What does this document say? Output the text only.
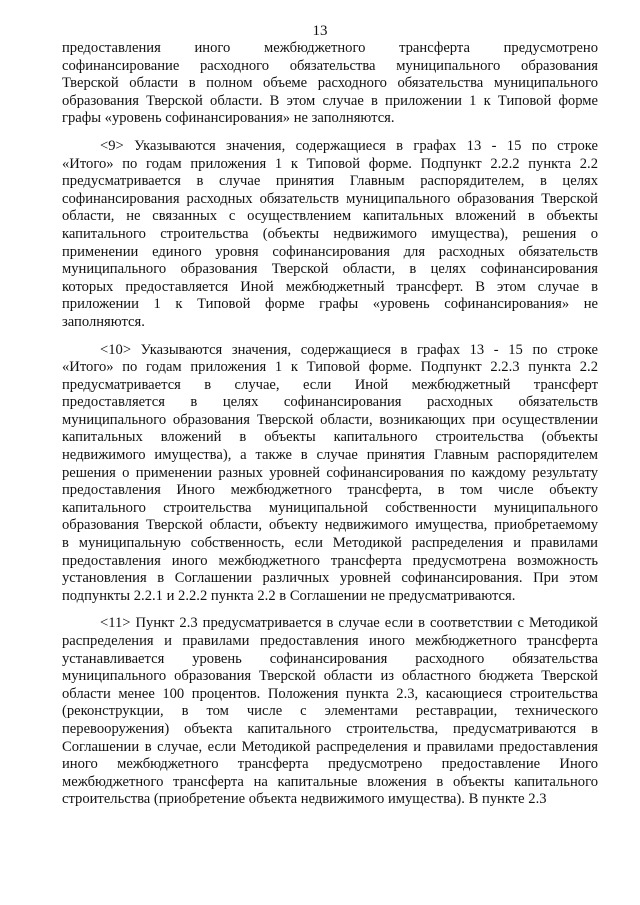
13
предоставления иного межбюджетного трансферта предусмотрено
софинансирование расходного обязательства муниципального образования
Тверской области в полном объеме расходного обязательства муниципального
образования Тверской области. В этом случае в приложении 1 к Типовой форме
графы «уровень софинансирования» не заполняются.
<9> Указываются значения, содержащиеся в графах 13 - 15 по строке
«Итого» по годам приложения 1 к Типовой форме. Подпункт 2.2.2 пункта 2.2
предусматривается в случае принятия Главным распорядителем, в целях
софинансирования расходных обязательств муниципального образования Тверской
области, не связанных с осуществлением капитальных вложений в объекты
капитального строительства (объекты недвижимого имущества), решения о
применении единого уровня софинансирования для расходных обязательств
муниципального образования Тверской области, в целях софинансирования
которых предоставляется Иной межбюджетный трансферт. В этом случае в
приложении 1 к Типовой форме графы «уровень софинансирования» не
заполняются.
<10> Указываются значения, содержащиеся в графах 13 - 15 по строке
«Итого» по годам приложения 1 к Типовой форме. Подпункт 2.2.3 пункта 2.2
предусматривается в случае, если Иной межбюджетный трансферт
предоставляется в целях софинансирования расходных обязательств
муниципального образования Тверской области, возникающих при осуществлении
капитальных вложений в объекты капитального строительства (объекты
недвижимого имущества), а также в случае принятия Главным распорядителем
решения о применении разных уровней софинансирования по каждому результату
предоставления Иного межбюджетного трансферта, в том числе объекту
капитального строительства муниципальной собственности муниципального
образования Тверской области, объекту недвижимого имущества, приобретаемому
в муниципальную собственность, если Методикой распределения и правилами
предоставления иного межбюджетного трансферта предусмотрена возможность
установления в Соглашении различных уровней софинансирования. При этом
подпункты 2.2.1 и 2.2.2 пункта 2.2 в Соглашении не предусматриваются.
<11> Пункт 2.3 предусматривается в случае если в соответствии с Методикой
распределения и правилами предоставления иного межбюджетного трансферта
устанавливается уровень софинансирования расходного обязательства
муниципального образования Тверской области из областного бюджета Тверской
области менее 100 процентов. Положения пункта 2.3, касающиеся строительства
(реконструкции, в том числе с элементами реставрации, технического
перевооружения) объекта капитального строительства, предусматриваются в
Соглашении в случае, если Методикой распределения и правилами предоставления
иного межбюджетного трансферта предусмотрено предоставление Иного
межбюджетного трансферта на капитальные вложения в объекты капитального
строительства (приобретение объекта недвижимого имущества). В пункте 2.3
